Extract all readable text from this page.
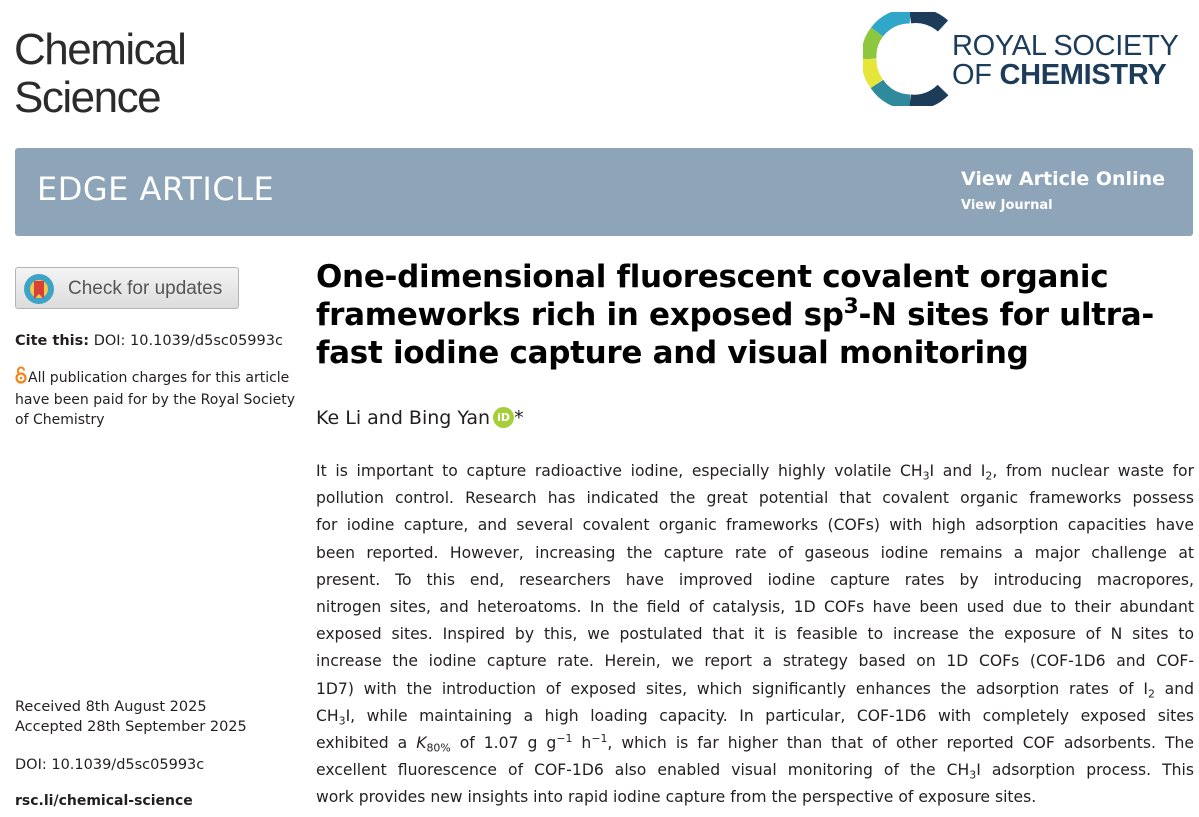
Chemical
Science
ROYAL SOCIETY
OF CHEMISTRY
EDGE ARTICLE	View Article Online
View Journal
Check for updates
Cite this: DOI: 10.1039/d5sc05993c
All publication charges for this article have been paid for by the Royal Society of Chemistry
Received 8th August 2025
Accepted 28th September 2025
DOI: 10.1039/d5sc05993c
rsc.li/chemical-science
One-dimensional fluorescent covalent organic
frameworks rich in exposed $sp^3-N$ sites for ultra-
fast iodine capture and visual monitoring
Ke Li and Bing Yan iD *
It is important to capture radioactive iodine, especially highly volatile $CH_3I$ and $I_2$, from nuclear waste for
pollution control. Research has indicated the great potential that covalent organic frameworks possess
for iodine capture, and several covalent organic frameworks (COFs) with high adsorption capacities have
been reported. However, increasing the capture rate of gaseous iodine remains a major challenge at
present. To this end, researchers have improved iodine capture rates by introducing macropores,
nitrogen sites, and heteroatoms. In the field of catalysis, 1D COFs have been used due to their abundant
exposed sites. Inspired by this, we postulated that it is feasible to increase the exposure of N sites to
increase the iodine capture rate. Herein, we report a strategy based on 1D COFs (COF-1D6 and COF-
1D7) with the introduction of exposed sites, which significantly enhances the adsorption rates of $I_2$ and
$CH_3I$, while maintaining a high loading capacity. In particular, COF-1D6 with completely exposed sites
exhibited a $K_{80\%}$ of 1.07 g $g^{-1}$ $h^{-1}$, which is far higher than that of other reported COF adsorbents. The
excellent fluorescence of COF-1D6 also enabled visual monitoring of the $CH_3I$ adsorption process. This
work provides new insights into rapid iodine capture from the perspective of exposure sites.
